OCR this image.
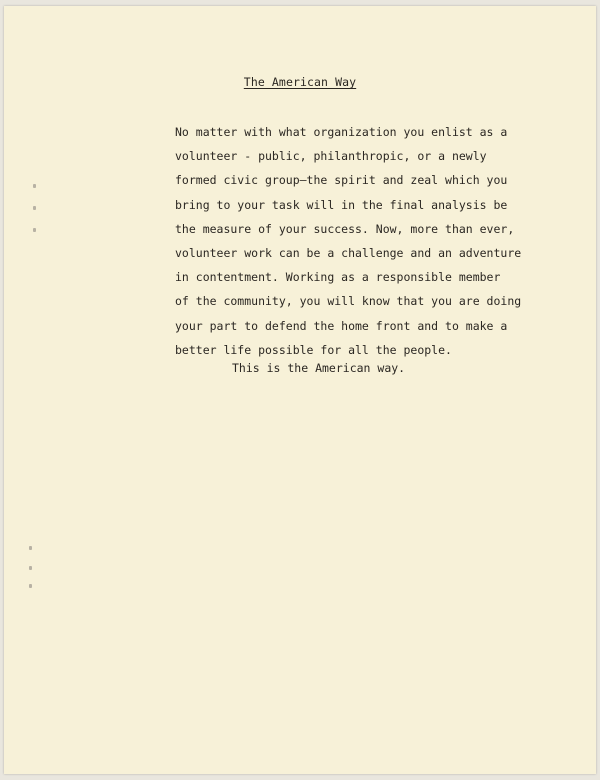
The American Way
No matter with what organization you enlist as a
volunteer - public, philanthropic, or a newly
formed civic group—the spirit and zeal which you
bring to your task will in the final analysis be
the measure of your success. Now, more than ever,
volunteer work can be a challenge and an adventure
in contentment. Working as a responsible member
of the community, you will know that you are doing
your part to defend the home front and to make a
better life possible for all the people.
This is the American way.
